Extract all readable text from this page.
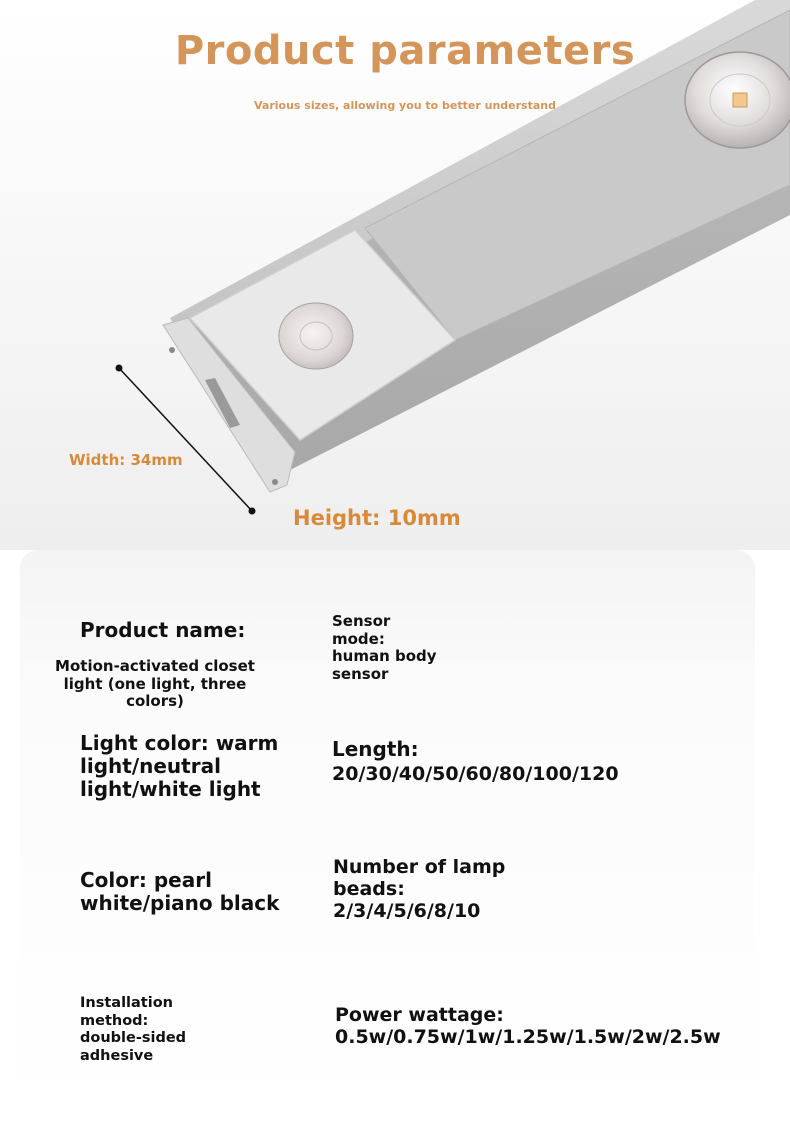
Product parameters
Various sizes, allowing you to better understand
Width: 34mm
Height: 10mm
Product name:
Motion-activated closet light (one light, three colors)
Sensor mode: human body sensor
Light color: warm light/neutral light/white light
Length:
20/30/40/50/60/80/100/120
Color: pearl white/piano black
Number of lamp beads:
2/3/4/5/6/8/10
Installation method: double-sided adhesive
Power wattage:
0.5w/0.75w/1w/1.25w/1.5w/2w/2.5w
